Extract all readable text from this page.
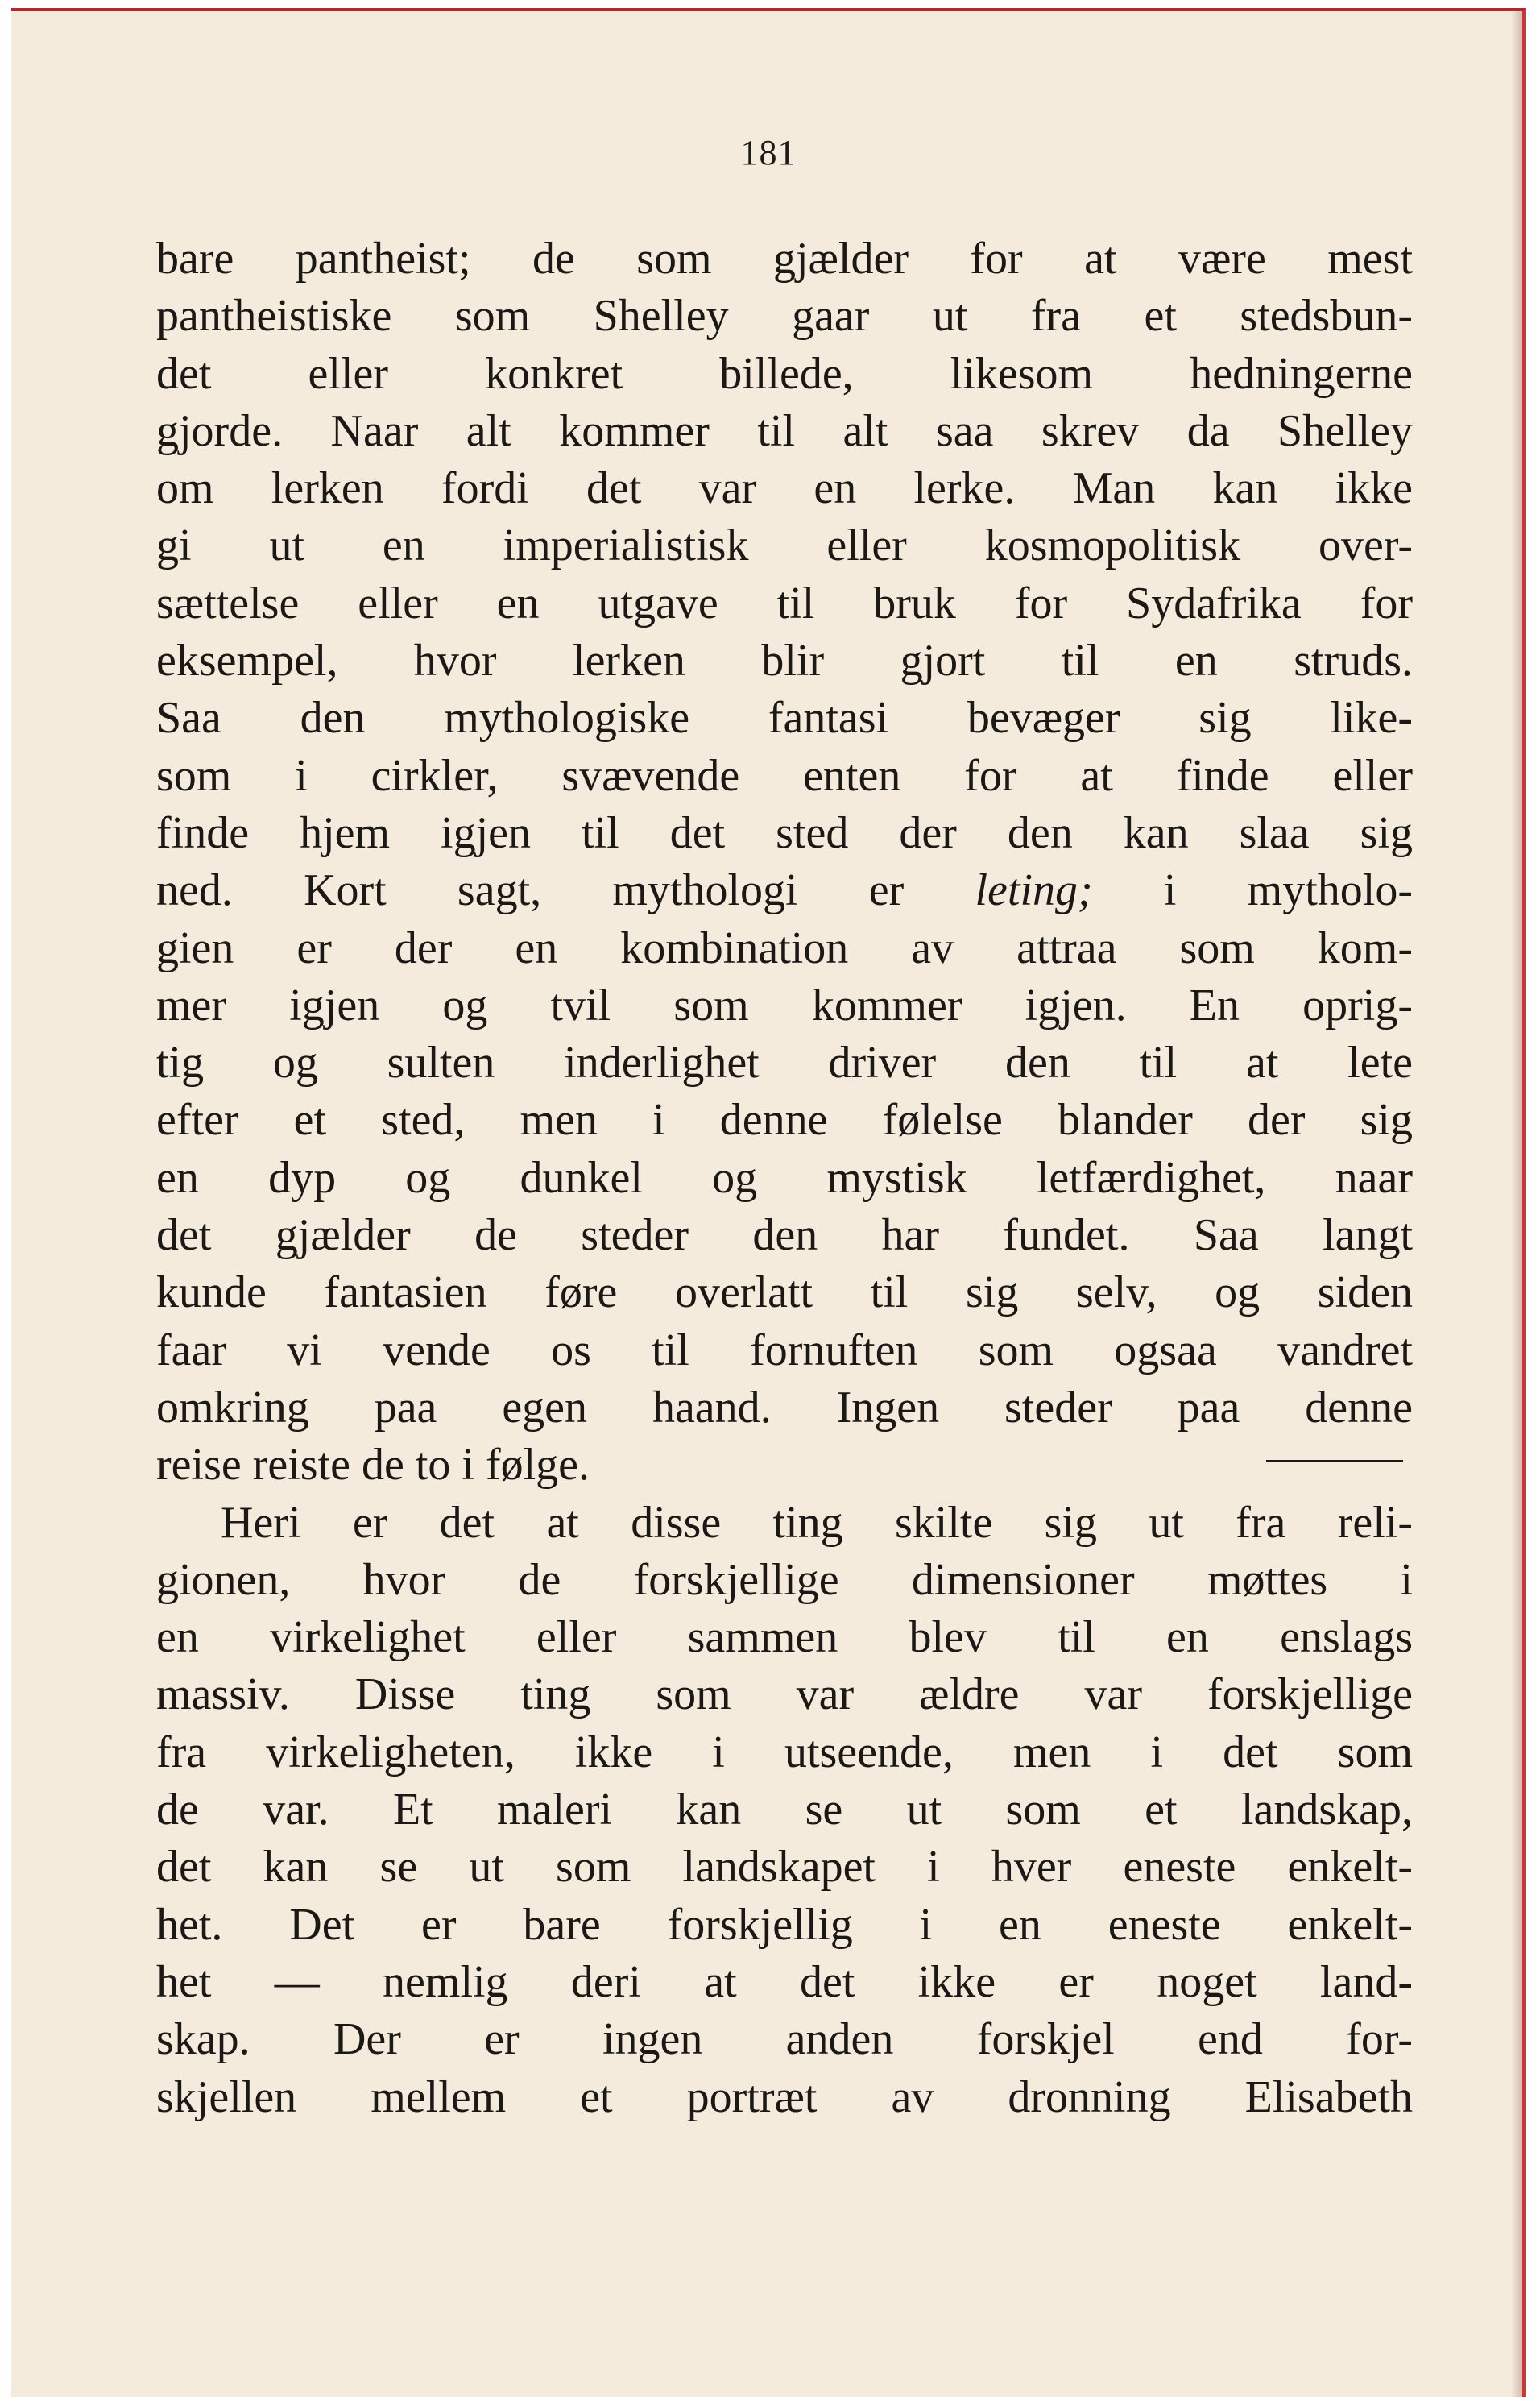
181
bare pantheist; de som gjælder for at være mest
pantheistiske som Shelley gaar ut fra et stedsbun-
det eller konkret billede, likesom hedningerne
gjorde. Naar alt kommer til alt saa skrev da Shelley
om lerken fordi det var en lerke. Man kan ikke
gi ut en imperialistisk eller kosmopolitisk over-
sættelse eller en utgave til bruk for Sydafrika for
eksempel, hvor lerken blir gjort til en struds.
Saa den mythologiske fantasi bevæger sig like-
som i cirkler, svævende enten for at finde eller
finde hjem igjen til det sted der den kan slaa sig
ned. Kort sagt, mythologi er leting; i mytholo-
gien er der en kombination av attraa som kom-
mer igjen og tvil som kommer igjen. En oprig-
tig og sulten inderlighet driver den til at lete
efter et sted, men i denne følelse blander der sig
en dyp og dunkel og mystisk letfærdighet, naar
det gjælder de steder den har fundet. Saa langt
kunde fantasien føre overlatt til sig selv, og siden
faar vi vende os til fornuften som ogsaa vandret
omkring paa egen haand. Ingen steder paa denne
reise reiste de to i følge.
Heri er det at disse ting skilte sig ut fra reli-
gionen, hvor de forskjellige dimensioner møttes i
en virkelighet eller sammen blev til en enslags
massiv. Disse ting som var ældre var forskjellige
fra virkeligheten, ikke i utseende, men i det som
de var. Et maleri kan se ut som et landskap,
det kan se ut som landskapet i hver eneste enkelt-
het. Det er bare forskjellig i en eneste enkelt-
het — nemlig deri at det ikke er noget land-
skap. Der er ingen anden forskjel end for-
skjellen mellem et portræt av dronning Elisabeth
